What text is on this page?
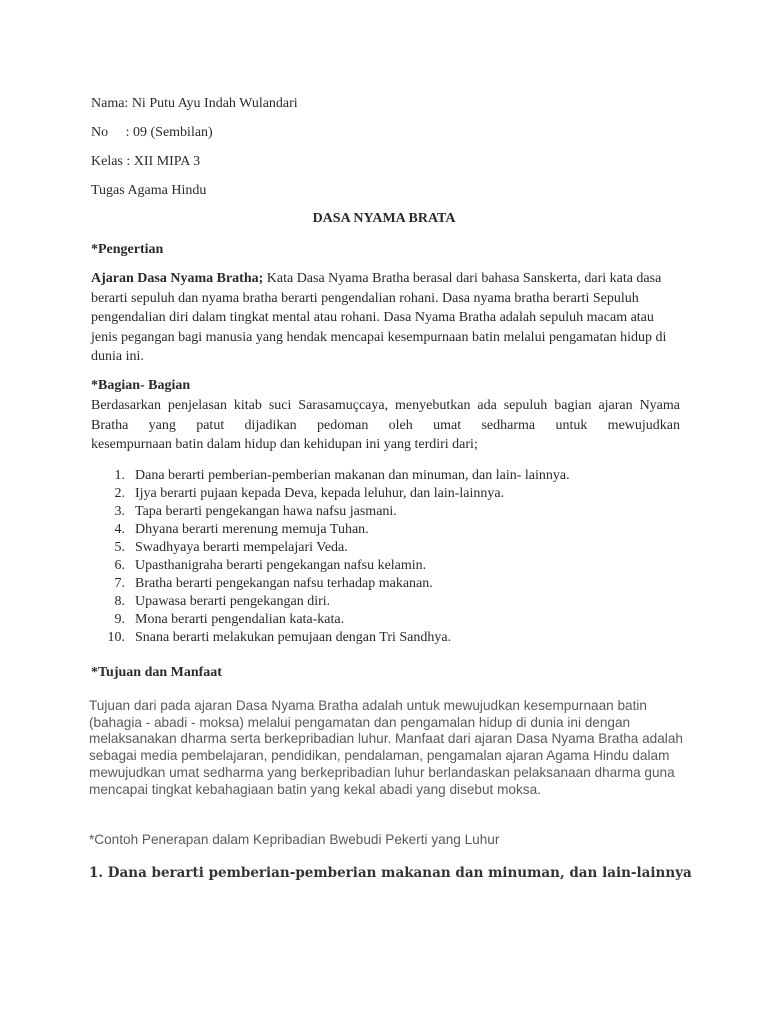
Nama: Ni Putu Ayu Indah Wulandari
No     : 09 (Sembilan)
Kelas : XII MIPA 3
Tugas Agama Hindu
DASA NYAMA BRATA
*Pengertian
Ajaran Dasa Nyama Bratha; Kata Dasa Nyama Bratha berasal dari bahasa Sanskerta, dari kata dasa berarti sepuluh dan nyama bratha berarti pengendalian rohani. Dasa nyama bratha berarti Sepuluh pengendalian diri dalam tingkat mental atau rohani. Dasa Nyama Bratha adalah sepuluh macam atau jenis pegangan bagi manusia yang hendak mencapai kesempurnaan batin melalui pengamatan hidup di dunia ini.
*Bagian- Bagian
Berdasarkan penjelasan kitab suci Sarasamuçcaya, menyebutkan ada sepuluh bagian ajaran Nyama Bratha yang patut dijadikan pedoman oleh umat sedharma untuk mewujudkan
kesempurnaan batin dalam hidup dan kehidupan ini yang terdiri dari;
1. Dana berarti pemberian-pemberian makanan dan minuman, dan lain- lainnya.
2. Ijya berarti pujaan kepada Deva, kepada leluhur, dan lain-lainnya.
3. Tapa berarti pengekangan hawa nafsu jasmani.
4. Dhyana berarti merenung memuja Tuhan.
5. Swadhyaya berarti mempelajari Veda.
6. Upasthanigraha berarti pengekangan nafsu kelamin.
7. Bratha berarti pengekangan nafsu terhadap makanan.
8. Upawasa berarti pengekangan diri.
9. Mona berarti pengendalian kata-kata.
10. Snana berarti melakukan pemujaan dengan Tri Sandhya.
*Tujuan dan Manfaat
Tujuan dari pada ajaran Dasa Nyama Bratha adalah untuk mewujudkan kesempurnaan batin (bahagia - abadi - moksa) melalui pengamatan dan pengamalan hidup di dunia ini dengan melaksanakan dharma serta berkepribadian luhur. Manfaat dari ajaran Dasa Nyama Bratha adalah sebagai media pembelajaran, pendidikan, pendalaman, pengamalan ajaran Agama Hindu dalam mewujudkan umat sedharma yang berkepribadian luhur berlandaskan pelaksanaan dharma guna mencapai tingkat kebahagiaan batin yang kekal abadi yang disebut moksa.
*Contoh Penerapan dalam Kepribadian Bwebudi Pekerti yang Luhur
1. Dana berarti pemberian-pemberian makanan dan minuman, dan lain-lainnya
